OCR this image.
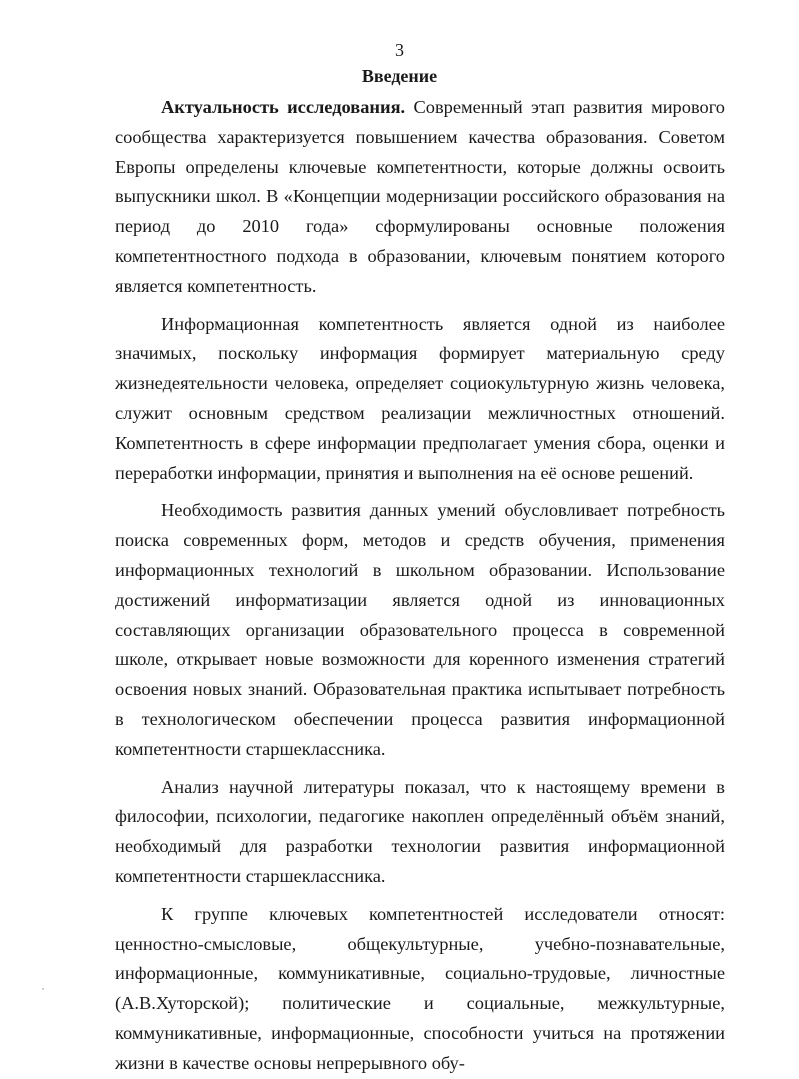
3
Введение

Актуальность исследования. Современный этап развития мирового сообщества характеризуется повышением качества образования. Советом Европы определены ключевые компетентности, которые должны освоить выпускники школ. В «Концепции модернизации российского образования на период до 2010 года» сформулированы основные положения компетентностного подхода в образовании, ключевым понятием которого является компетентность.

Информационная компетентность является одной из наиболее значимых, поскольку информация формирует материальную среду жизнедеятельности человека, определяет социокультурную жизнь человека, служит основным средством реализации межличностных отношений. Компетентность в сфере информации предполагает умения сбора, оценки и переработки информации, принятия и выполнения на её основе решений.

Необходимость развития данных умений обусловливает потребность поиска современных форм, методов и средств обучения, применения информационных технологий в школьном образовании. Использование достижений информатизации является одной из инновационных составляющих организации образовательного процесса в современной школе, открывает новые возможности для коренного изменения стратегий освоения новых знаний. Образовательная практика испытывает потребность в технологическом обеспечении процесса развития информационной компетентности старшеклассника.

Анализ научной литературы показал, что к настоящему времени в философии, психологии, педагогике накоплен определённый объём знаний, необходимый для разработки технологии развития информационной компетентности старшеклассника.

К группе ключевых компетентностей исследователи относят: ценностно-смысловые, общекультурные, учебно-познавательные, информационные, коммуникативные, социально-трудовые, личностные (А.В.Хуторской); политические и социальные, межкультурные, коммуникативные, информационные, способности учиться на протяжении жизни в качестве основы непрерывного обу-
